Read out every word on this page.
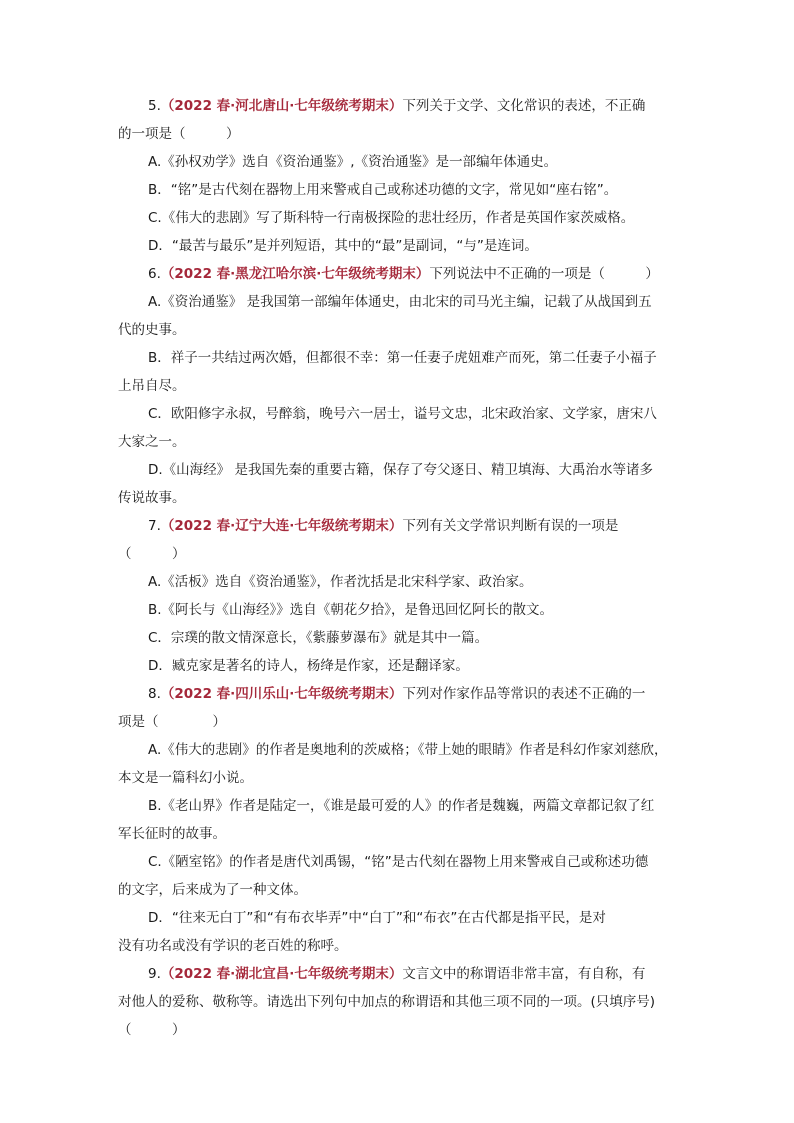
5.（2022 春·河北唐山·七年级统考期末）下列关于文学、文化常识的表述，不正确
的一项是（　　　）
A.《孙权劝学》选自《资治通鉴》,《资治通鉴》是一部编年体通史。
B．“铭”是古代刻在器物上用来警戒自己或称述功德的文字，常见如“座右铭”。
C.《伟大的悲剧》写了斯科特一行南极探险的悲壮经历，作者是英国作家茨威格。
D．“最苦与最乐”是并列短语，其中的“最”是副词，“与”是连词。
6.（2022 春·黑龙江哈尔滨·七年级统考期末）下列说法中不正确的一项是（　　　）
A.《资治通鉴》 是我国第一部编年体通史，由北宋的司马光主编，记载了从战国到五
代的史事。
B．祥子一共结过两次婚，但都很不幸：第一任妻子虎妞难产而死，第二任妻子小福子
上吊自尽。
C．欧阳修字永叔，号醉翁，晚号六一居士，谥号文忠，北宋政治家、文学家，唐宋八
大家之一。
D.《山海经》 是我国先秦的重要古籍，保存了夸父逐日、精卫填海、大禹治水等诸多
传说故事。
7.（2022 春·辽宁大连·七年级统考期末）下列有关文学常识判断有误的一项是
（　　　）
A.《活板》选自《资治通鉴》，作者沈括是北宋科学家、政治家。
B.《阿长与《山海经》》选自《朝花夕拾》，是鲁迅回忆阿长的散文。
C．宗璞的散文情深意长，《紫藤萝瀑布》就是其中一篇。
D．臧克家是著名的诗人，杨绛是作家，还是翻译家。
8.（2022 春·四川乐山·七年级统考期末）下列对作家作品等常识的表述不正确的一
项是（　　　　）
A.《伟大的悲剧》的作者是奥地利的茨威格；《带上她的眼睛》作者是科幻作家刘慈欣，
本文是一篇科幻小说。
B.《老山界》作者是陆定一，《谁是最可爱的人》的作者是魏巍，两篇文章都记叙了红
军长征时的故事。
C.《陋室铭》的作者是唐代刘禹锡，“铭”是古代刻在器物上用来警戒自己或称述功德
的文字，后来成为了一种文体。
D．“往来无白丁”和“有布衣毕弄”中“白丁”和“布衣”在古代都是指平民，是对
没有功名或没有学识的老百姓的称呼。
9.（2022 春·湖北宜昌·七年级统考期末）文言文中的称谓语非常丰富，有自称，有
对他人的爱称、敬称等。请选出下列句中加点的称谓语和其他三项不同的一项。(只填序号)
（　　　）
